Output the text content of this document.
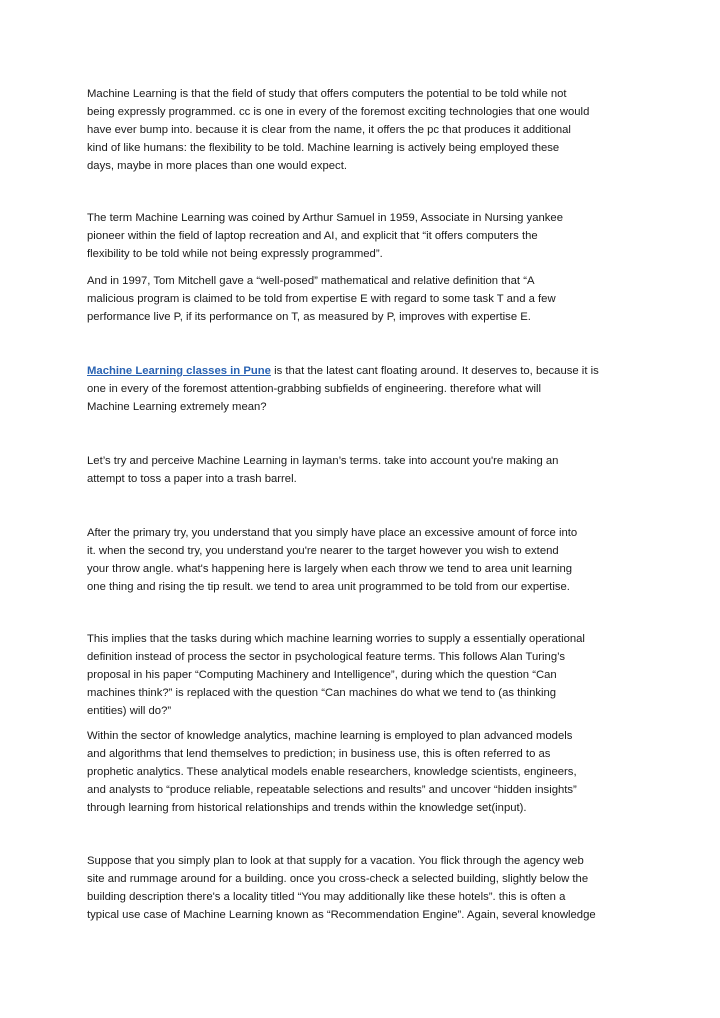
Machine Learning is that the field of study that offers computers the potential to be told while not
being expressly programmed. cc is one in every of the foremost exciting technologies that one would
have ever bump into. because it is clear from the name, it offers the pc that produces it additional
kind of like humans: the flexibility to be told. Machine learning is actively being employed these
days, maybe in more places than one would expect.

The term Machine Learning was coined by Arthur Samuel in 1959, Associate in Nursing yankee
pioneer within the field of laptop recreation and AI, and explicit that “it offers computers the
flexibility to be told while not being expressly programmed”.

And in 1997, Tom Mitchell gave a “well-posed” mathematical and relative definition that “A
malicious program is claimed to be told from expertise E with regard to some task T and a few
performance live P, if its performance on T, as measured by P, improves with expertise E.

Machine Learning classes in Pune is that the latest cant floating around. It deserves to, because it is
one in every of the foremost attention-grabbing subfields of engineering. therefore what will
Machine Learning extremely mean?

Let’s try and perceive Machine Learning in layman’s terms. take into account you're making an
attempt to toss a paper into a trash barrel.

After the primary try, you understand that you simply have place an excessive amount of force into
it. when the second try, you understand you're nearer to the target however you wish to extend
your throw angle. what's happening here is largely when each throw we tend to area unit learning
one thing and rising the tip result. we tend to area unit programmed to be told from our expertise.

This implies that the tasks during which machine learning worries to supply a essentially operational
definition instead of process the sector in psychological feature terms. This follows Alan Turing’s
proposal in his paper “Computing Machinery and Intelligence”, during which the question “Can
machines think?” is replaced with the question “Can machines do what we tend to (as thinking
entities) will do?”

Within the sector of knowledge analytics, machine learning is employed to plan advanced models
and algorithms that lend themselves to prediction; in business use, this is often referred to as
prophetic analytics. These analytical models enable researchers, knowledge scientists, engineers,
and analysts to “produce reliable, repeatable selections and results” and uncover “hidden insights”
through learning from historical relationships and trends within the knowledge set(input).

Suppose that you simply plan to look at that supply for a vacation. You flick through the agency web
site and rummage around for a building. once you cross-check a selected building, slightly below the
building description there's a locality titled “You may additionally like these hotels”. this is often a
typical use case of Machine Learning known as “Recommendation Engine”. Again, several knowledge
